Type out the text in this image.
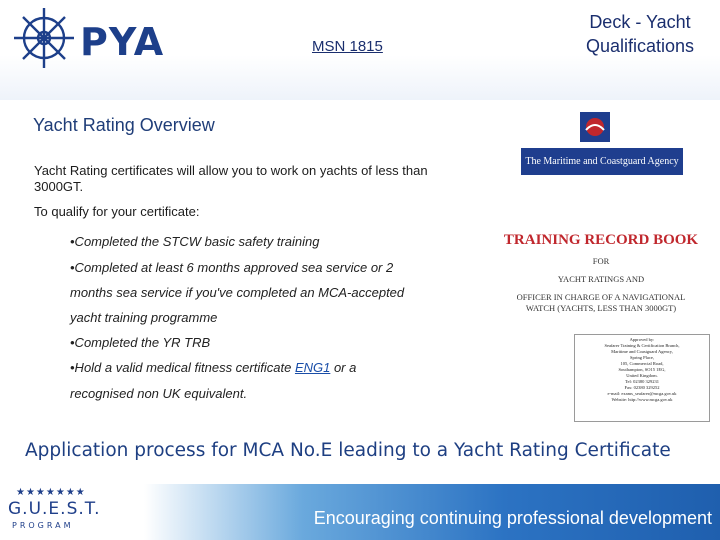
PYA	MSN 1815
Deck - Yacht
Qualifications
Yacht Rating Overview
Yacht Rating certificates will allow you to work on yachts of less than 3000GT.
To qualify for your certificate:
•Completed the STCW basic safety training
•Completed at least 6 months approved sea service or 2
months sea service if you've completed an MCA-accepted
yacht training programme
•Completed the YR TRB
•Hold a valid medical fitness certificate ENG1 or a
recognised non UK equivalent.
The Maritime and Coastguard Agency
TRAINING RECORD BOOK
FOR
YACHT RATINGS AND
OFFICER IN CHARGE OF A NAVIGATIONAL
WATCH (YACHTS, LESS THAN 3000GT)
Approved by:
Seafarer Training & Certification Branch,
Maritime and Coastguard Agency,
Spring Place,
105, Commercial Road,
Southampton, SO15 1EG,
United Kingdom.
Tel: 02380 329231
Fax: 02380 329252
e-mail: exams_seafarer@mcga.gov.uk
Website: http://www.mcga.gov.uk
Application process for MCA No.E leading to a Yacht Rating Certificate
★★★★★★★
G.U.E.S.T.
PROGRAM	Encouraging continuing professional development
